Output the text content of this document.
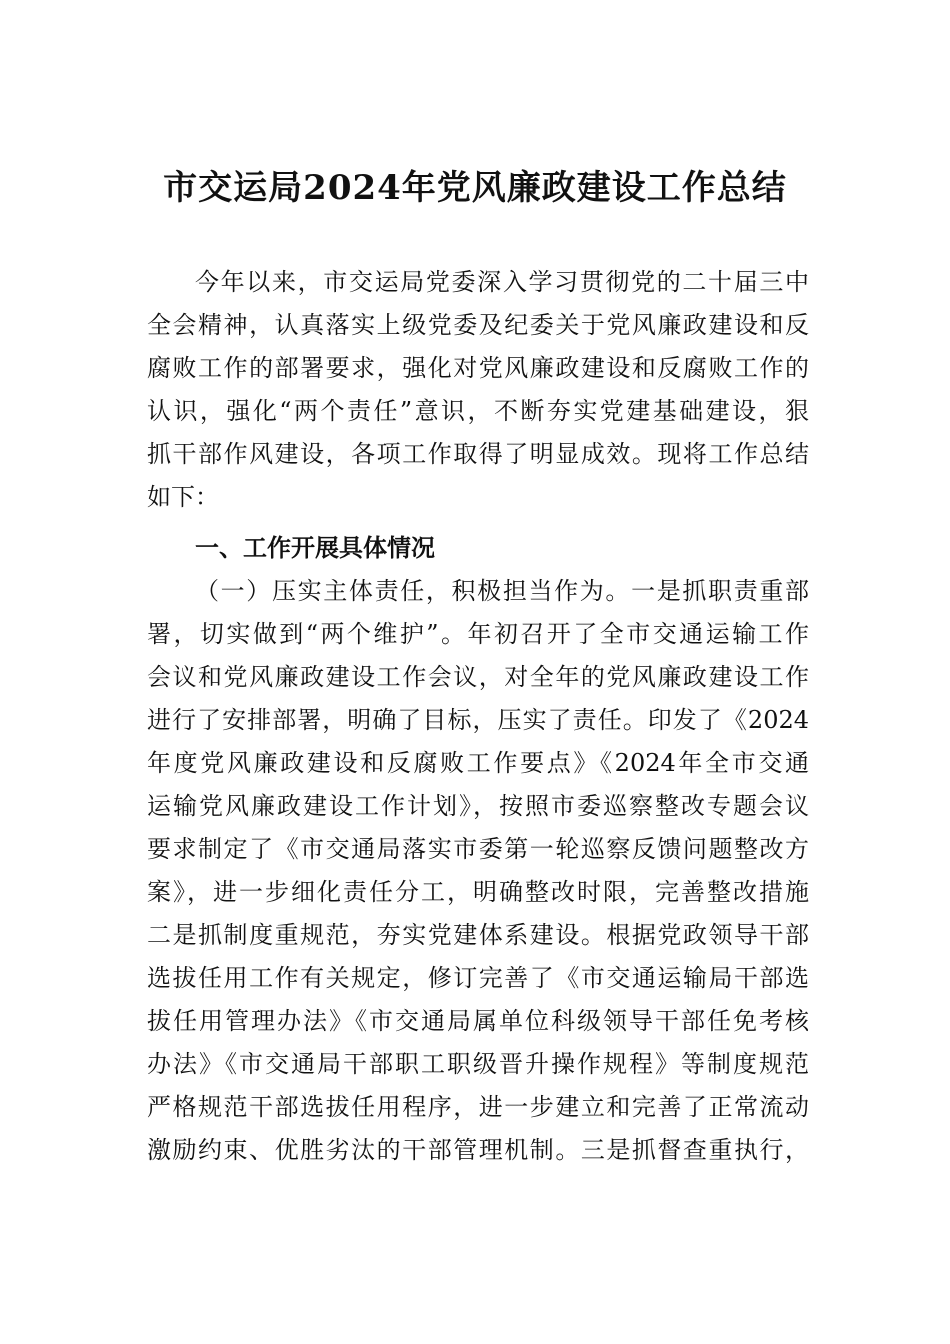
市交运局2024年党风廉政建设工作总结

今年以来，市交运局党委深入学习贯彻党的二十届三中

全会精神，认真落实上级党委及纪委关于党风廉政建设和反

腐败工作的部署要求，强化对党风廉政建设和反腐败工作的

认识，强化“两个责任”意识，不断夯实党建基础建设，狠

抓干部作风建设，各项工作取得了明显成效。现将工作总结

如下：

一、工作开展具体情况

（一）压实主体责任，积极担当作为。一是抓职责重部

署，切实做到“两个维护”。年初召开了全市交通运输工作

会议和党风廉政建设工作会议，对全年的党风廉政建设工作

进行了安排部署，明确了目标，压实了责任。印发了《2024

年度党风廉政建设和反腐败工作要点》《2024年全市交通

运输党风廉政建设工作计划》，按照市委巡察整改专题会议

要求制定了《市交通局落实市委第一轮巡察反馈问题整改方

案》，进一步细化责任分工，明确整改时限，完善整改措施

二是抓制度重规范，夯实党建体系建设。根据党政领导干部

选拔任用工作有关规定，修订完善了《市交通运输局干部选

拔任用管理办法》《市交通局属单位科级领导干部任免考核

办法》《市交通局干部职工职级晋升操作规程》等制度规范

严格规范干部选拔任用程序，进一步建立和完善了正常流动

激励约束、优胜劣汰的干部管理机制。三是抓督查重执行，
